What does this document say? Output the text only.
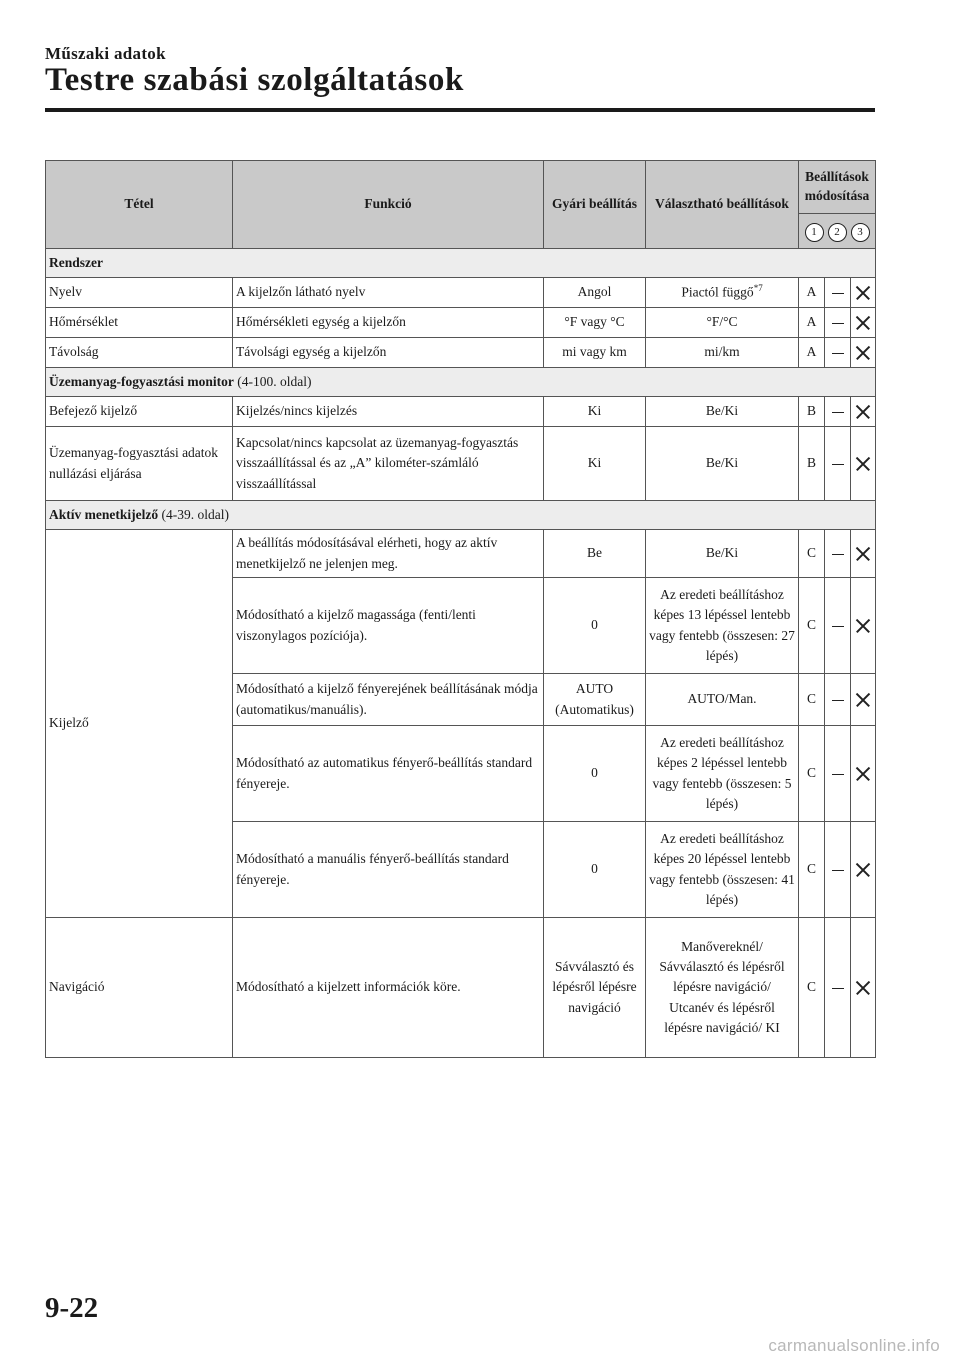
Műszaki adatok
Testre szabási szolgáltatások
Tétel	Funkció	Gyári beállítás	Választható beállítások	Beállítások módosítása		
				1 2 3		
Rendszer						
Nyelv	A kijelzőn látható nyelv	Angol	Piactól függő$^{*7}$	A		
Hőmérséklet	Hőmérsékleti egység a kijelzőn	°F vagy °C	°F/°C	A		
Távolság	Távolsági egység a kijelzőn	mi vagy km	mi/km	A		
Üzemanyag-fogyasztási monitor (4-100. oldal)						
Befejező kijelző	Kijelzés/nincs kijelzés	Ki	Be/Ki	B		
Üzemanyag-fogyasztási adatok nullázási eljárása	Kapcsolat/nincs kapcsolat az üzemanyag-fogyasztás visszaállítással és az „A” kilométer-számláló visszaállítással	Ki	Be/Ki	B		
Aktív menetkijelző (4-39. oldal)						
Kijelző	A beállítás módosításával elérheti, hogy az aktív menetkijelző ne jelenjen meg.	Be	Be/Ki	C		
	Módosítható a kijelző magassága (fenti/lenti viszonylagos pozíciója).	0	Az eredeti beállításhoz képes 13 lépéssel lentebb vagy fentebb (összesen: 27 lépés)	C		
	Módosítható a kijelző fényerejének beállításának módja (automatikus/manuális).	AUTO (Automatikus)	AUTO/Man.	C		
	Módosítható az automatikus fényerő-beállítás standard fényereje.	0	Az eredeti beállításhoz képes 2 lépéssel lentebb vagy fentebb (összesen: 5 lépés)	C		
	Módosítható a manuális fényerő-beállítás standard fényereje.	0	Az eredeti beállításhoz képes 20 lépéssel lentebb vagy fentebb (összesen: 41 lépés)	C		
Navigáció	Módosítható a kijelzett információk köre.	Sávválasztó és lépésről lépésre navigáció	Manővereknél/ Sávválasztó és lépésről lépésre navigáció/ Utcanév és lépésről lépésre navigáció/ KI	C		
9-22
carmanualsonline.info
